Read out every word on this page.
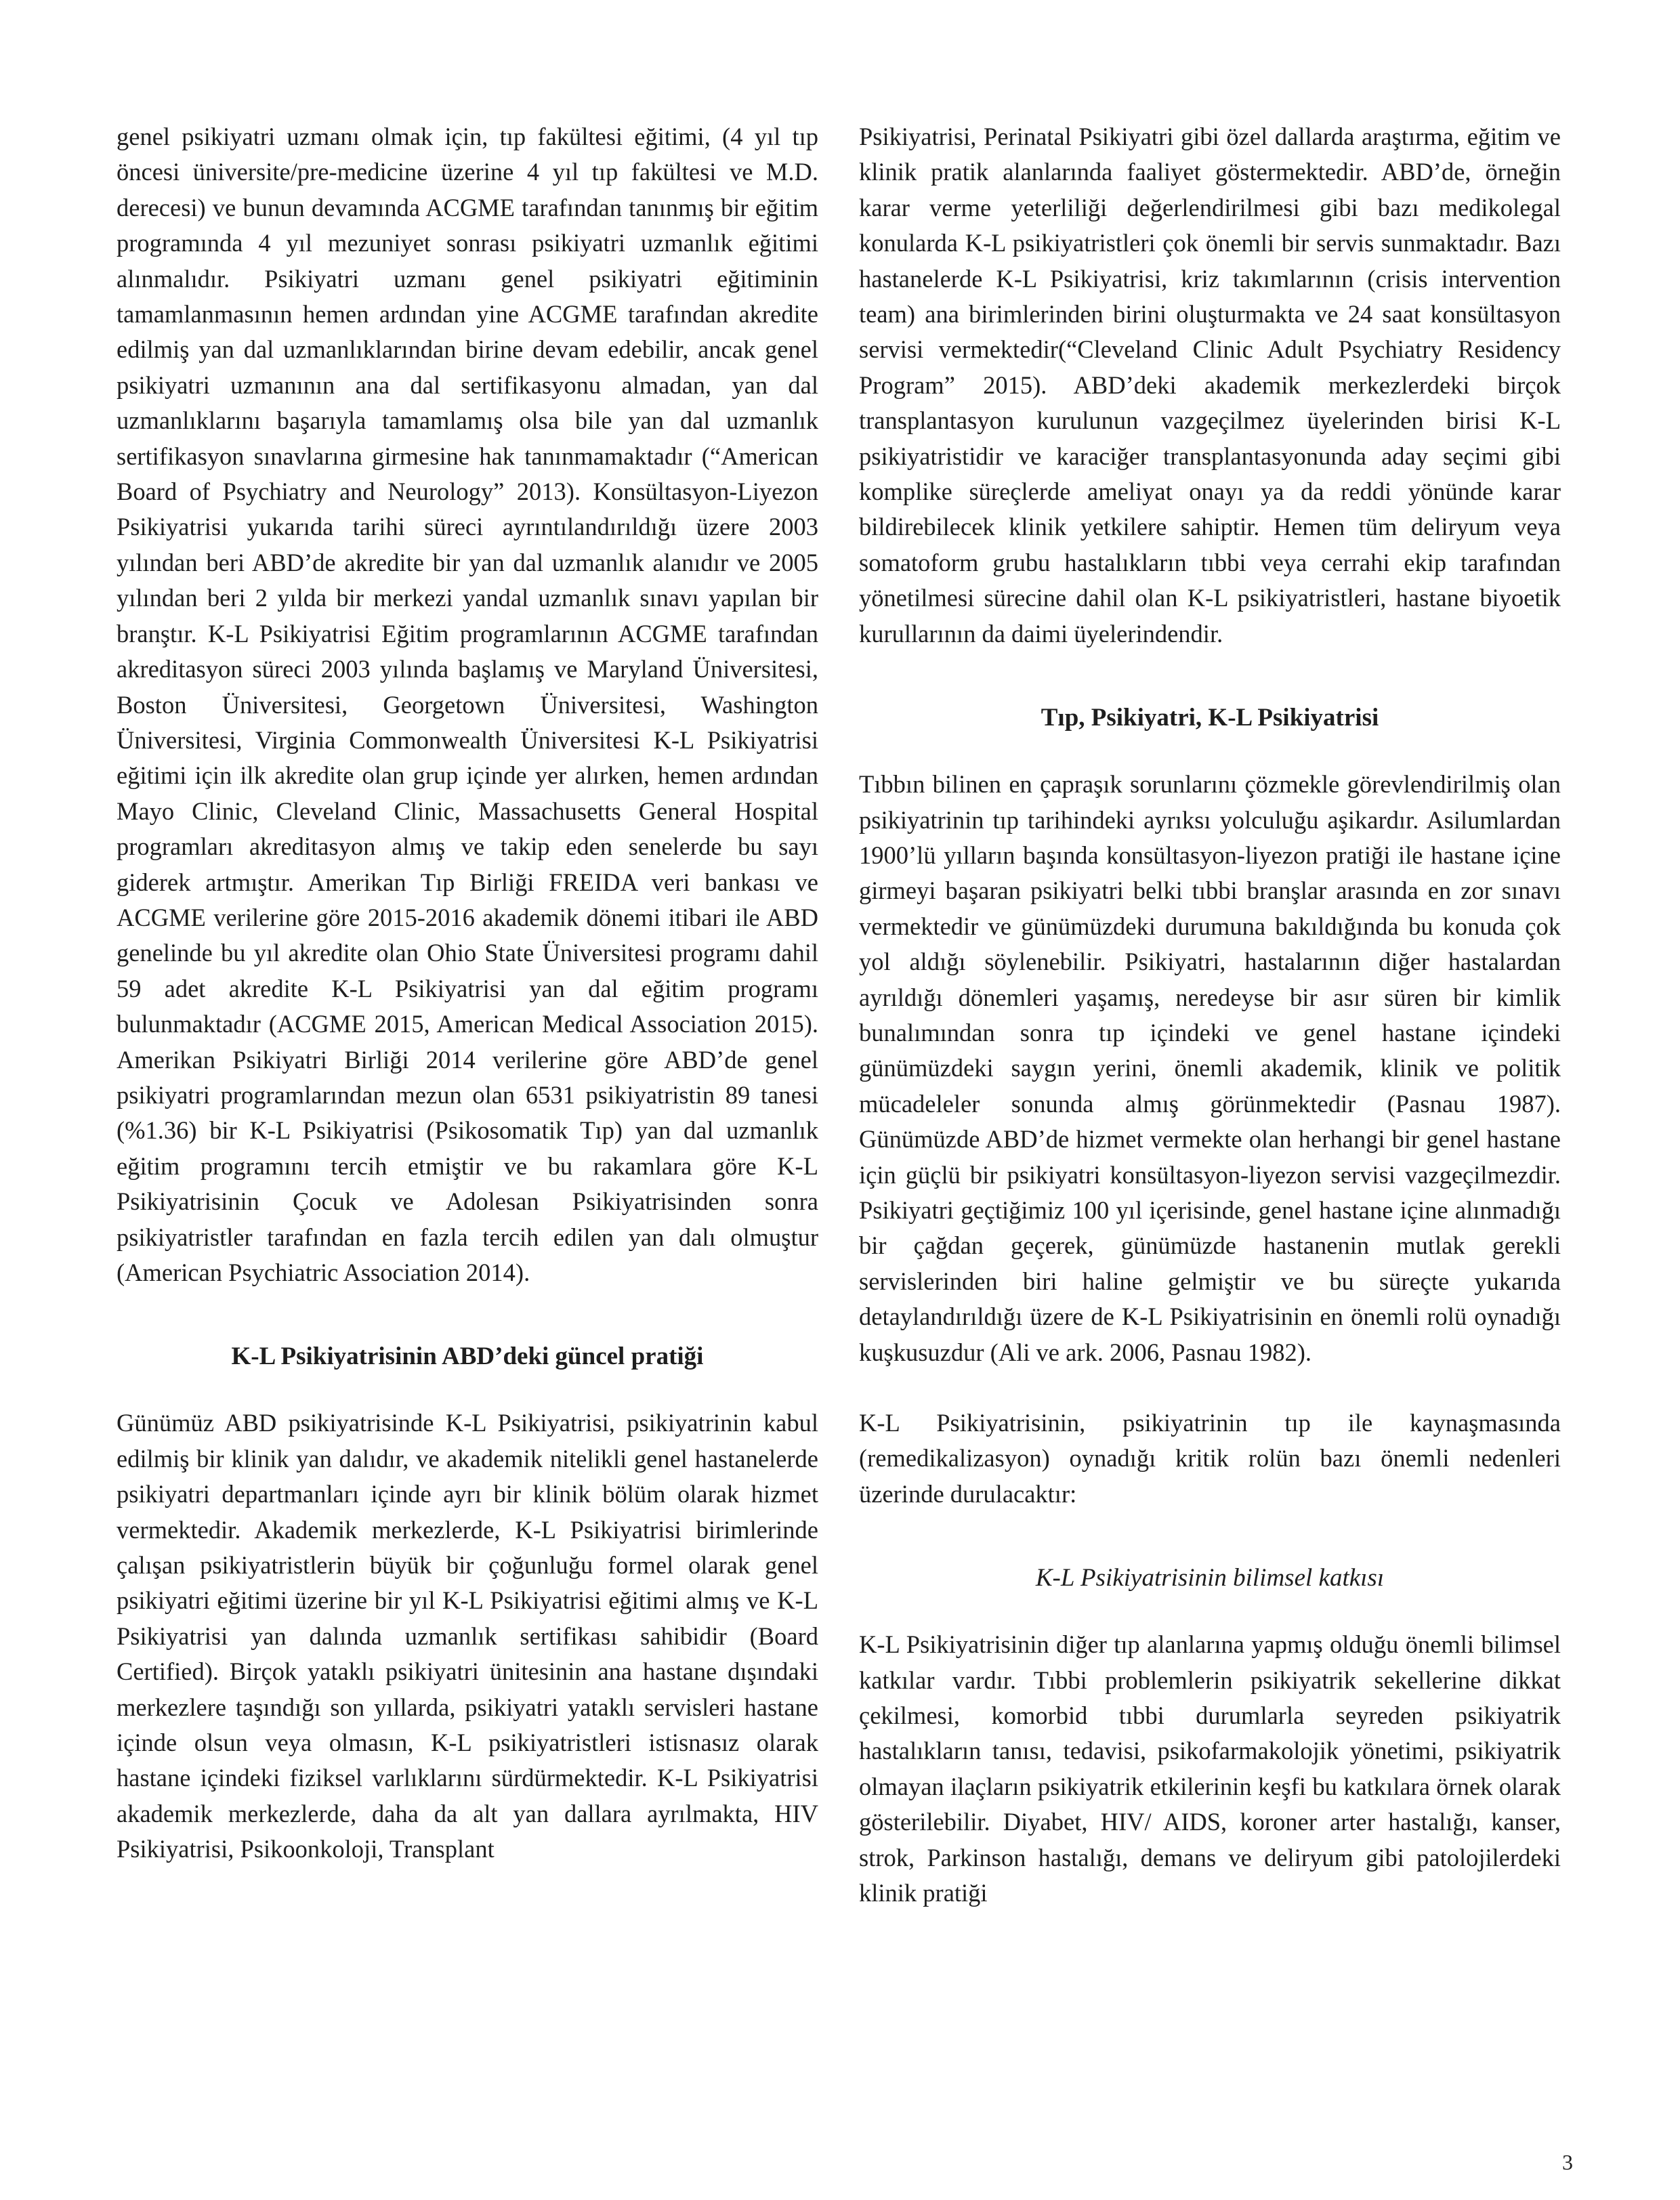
genel psikiyatri uzmanı olmak için, tıp fakültesi eğitimi, (4 yıl tıp öncesi üniversite/pre-medicine üzerine 4 yıl tıp fakültesi ve M.D. derecesi) ve bunun devamında ACGME tarafından tanınmış bir eğitim programında 4 yıl mezuniyet sonrası psikiyatri uzmanlık eğitimi alınmalıdır. Psikiyatri uzmanı genel psikiyatri eğitiminin tamamlanmasının hemen ardından yine ACGME tarafından akredite edilmiş yan dal uzmanlıklarından birine devam edebilir, ancak genel psikiyatri uzmanının ana dal sertifikasyonu almadan, yan dal uzmanlıklarını başarıyla tamamlamış olsa bile yan dal uzmanlık sertifikasyon sınavlarına girmesine hak tanınmamaktadır (“American Board of Psychiatry and Neurology” 2013). Konsültasyon-Liyezon Psikiyatrisi yukarıda tarihi süreci ayrıntılandırıldığı üzere 2003 yılından beri ABD’de akredite bir yan dal uzmanlık alanıdır ve 2005 yılından beri 2 yılda bir merkezi yandal uzmanlık sınavı yapılan bir branştır. K-L Psikiyatrisi Eğitim programlarının ACGME tarafından akreditasyon süreci 2003 yılında başlamış ve Maryland Üniversitesi, Boston Üniversitesi, Georgetown Üniversitesi, Washington Üniversitesi, Virginia Commonwealth Üniversitesi K-L Psikiyatrisi eğitimi için ilk akredite olan grup içinde yer alırken, hemen ardından Mayo Clinic, Cleveland Clinic, Massachusetts General Hospital programları akreditasyon almış ve takip eden senelerde bu sayı giderek artmıştır. Amerikan Tıp Birliği FREIDA veri bankası ve ACGME verilerine göre 2015-2016 akademik dönemi itibari ile ABD genelinde bu yıl akredite olan Ohio State Üniversitesi programı dahil 59 adet akredite K-L Psikiyatrisi yan dal eğitim programı bulunmaktadır (ACGME 2015, American Medical Association 2015). Amerikan Psikiyatri Birliği 2014 verilerine göre ABD’de genel psikiyatri programlarından mezun olan 6531 psikiyatristin 89 tanesi (%1.36) bir K-L Psikiyatrisi (Psikosomatik Tıp) yan dal uzmanlık eğitim programını tercih etmiştir ve bu rakamlara göre K-L Psikiyatrisinin Çocuk ve Adolesan Psikiyatrisinden sonra psikiyatristler tarafından en fazla tercih edilen yan dalı olmuştur (American Psychiatric Association 2014).

K-L Psikiyatrisinin ABD’deki güncel pratiği

Günümüz ABD psikiyatrisinde K-L Psikiyatrisi, psikiyatrinin kabul edilmiş bir klinik yan dalıdır, ve akademik nitelikli genel hastanelerde psikiyatri departmanları içinde ayrı bir klinik bölüm olarak hizmet vermektedir. Akademik merkezlerde, K-L Psikiyatrisi birimlerinde çalışan psikiyatristlerin büyük bir çoğunluğu formel olarak genel psikiyatri eğitimi üzerine bir yıl K-L Psikiyatrisi eğitimi almış ve K-L Psikiyatrisi yan dalında uzmanlık sertifikası sahibidir (Board Certified). Birçok yataklı psikiyatri ünitesinin ana hastane dışındaki merkezlere taşındığı son yıllarda, psikiyatri yataklı servisleri hastane içinde olsun veya olmasın, K-L psikiyatristleri istisnasız olarak hastane içindeki fiziksel varlıklarını sürdürmektedir. K-L Psikiyatrisi akademik merkezlerde, daha da alt yan dallara ayrılmakta, HIV Psikiyatrisi, Psikoonkoloji, Transplant

Psikiyatrisi, Perinatal Psikiyatri gibi özel dallarda araştırma, eğitim ve klinik pratik alanlarında faaliyet göstermektedir. ABD’de, örneğin karar verme yeterliliği değerlendirilmesi gibi bazı medikolegal konularda K-L psikiyatristleri çok önemli bir servis sunmaktadır. Bazı hastanelerde K-L Psikiyatrisi, kriz takımlarının (crisis intervention team) ana birimlerinden birini oluşturmakta ve 24 saat konsültasyon servisi vermektedir(“Cleveland Clinic Adult Psychiatry Residency Program” 2015). ABD’deki akademik merkezlerdeki birçok transplantasyon kurulunun vazgeçilmez üyelerinden birisi K-L psikiyatristidir ve karaciğer transplantasyonunda aday seçimi gibi komplike süreçlerde ameliyat onayı ya da reddi yönünde karar bildirebilecek klinik yetkilere sahiptir. Hemen tüm deliryum veya somatoform grubu hastalıkların tıbbi veya cerrahi ekip tarafından yönetilmesi sürecine dahil olan K-L psikiyatristleri, hastane biyoetik kurullarının da daimi üyelerindendir.

Tıp, Psikiyatri, K-L Psikiyatrisi

Tıbbın bilinen en çapraşık sorunlarını çözmekle görevlendirilmiş olan psikiyatrinin tıp tarihindeki ayrıksı yolculuğu aşikardır. Asilumlardan 1900’lü yılların başında konsültasyon-liyezon pratiği ile hastane içine girmeyi başaran psikiyatri belki tıbbi branşlar arasında en zor sınavı vermektedir ve günümüzdeki durumuna bakıldığında bu konuda çok yol aldığı söylenebilir. Psikiyatri, hastalarının diğer hastalardan ayrıldığı dönemleri yaşamış, neredeyse bir asır süren bir kimlik bunalımından sonra tıp içindeki ve genel hastane içindeki günümüzdeki saygın yerini, önemli akademik, klinik ve politik mücadeleler sonunda almış görünmektedir (Pasnau 1987). Günümüzde ABD’de hizmet vermekte olan herhangi bir genel hastane için güçlü bir psikiyatri konsültasyon-liyezon servisi vazgeçilmezdir. Psikiyatri geçtiğimiz 100 yıl içerisinde, genel hastane içine alınmadığı bir çağdan geçerek, günümüzde hastanenin mutlak gerekli servislerinden biri haline gelmiştir ve bu süreçte yukarıda detaylandırıldığı üzere de K-L Psikiyatrisinin en önemli rolü oynadığı kuşkusuzdur (Ali ve ark. 2006, Pasnau 1982).

K-L Psikiyatrisinin, psikiyatrinin tıp ile kaynaşmasında (remedikalizasyon) oynadığı kritik rolün bazı önemli nedenleri üzerinde durulacaktır:

K-L Psikiyatrisinin bilimsel katkısı

K-L Psikiyatrisinin diğer tıp alanlarına yapmış olduğu önemli bilimsel katkılar vardır. Tıbbi problemlerin psikiyatrik sekellerine dikkat çekilmesi, komorbid tıbbi durumlarla seyreden psikiyatrik hastalıkların tanısı, tedavisi, psikofarmakolojik yönetimi, psikiyatrik olmayan ilaçların psikiyatrik etkilerinin keşfi bu katkılara örnek olarak gösterilebilir. Diyabet, HIV/ AIDS, koroner arter hastalığı, kanser, strok, Parkinson hastalığı, demans ve deliryum gibi patolojilerdeki klinik pratiği

3
